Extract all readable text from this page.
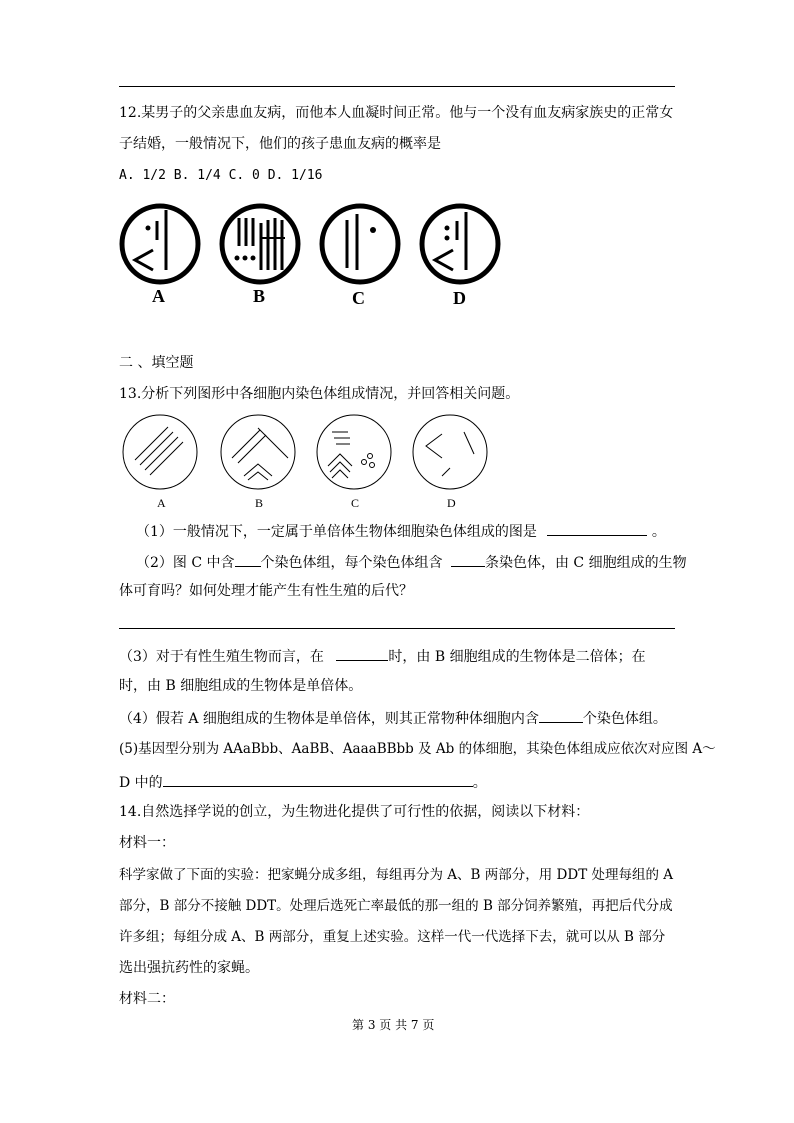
12.某男子的父亲患血友病，而他本人血凝时间正常。他与一个没有血友病家族史的正常女
子结婚，一般情况下，他们的孩子患血友病的概率是
A. 1/2 B. 1/4 C. 0 D. 1/16
A	B	C	D
二 、填空题
13.分析下列图形中各细胞内染色体组成情况，并回答相关问题。
A	B	C	D
（1）一般情况下，一定属于单倍体生物体细胞染色体组成的图是	。
（2）图 C 中含 个染色体组，每个染色体组含	条染色体，由 C 细胞组成的生物
体可育吗？如何处理才能产生有性生殖的后代？
（3）对于有性生殖生物而言，在	时，由 B 细胞组成的生物体是二倍体；在
时，由 B 细胞组成的生物体是单倍体。
（4）假若 A 细胞组成的生物体是单倍体，则其正常物种体细胞内含	个染色体组。
(5)基因型分别为 AAaBbb、AaBB、AaaaBBbb 及 Ab 的体细胞，其染色体组成应依次对应图 A～
D 中的	。
14.自然选择学说的创立，为生物进化提供了可行性的依据，阅读以下材料：
材料一：
科学家做了下面的实验：把家蝇分成多组，每组再分为 A、B 两部分，用 DDT 处理每组的 A
部分，B 部分不接触 DDT。处理后选死亡率最低的那一组的 B 部分饲养繁殖，再把后代分成
许多组；每组分成 A、B 两部分，重复上述实验。这样一代一代选择下去，就可以从 B 部分
选出强抗药性的家蝇。
材料二：
第 3 页 共 7 页
